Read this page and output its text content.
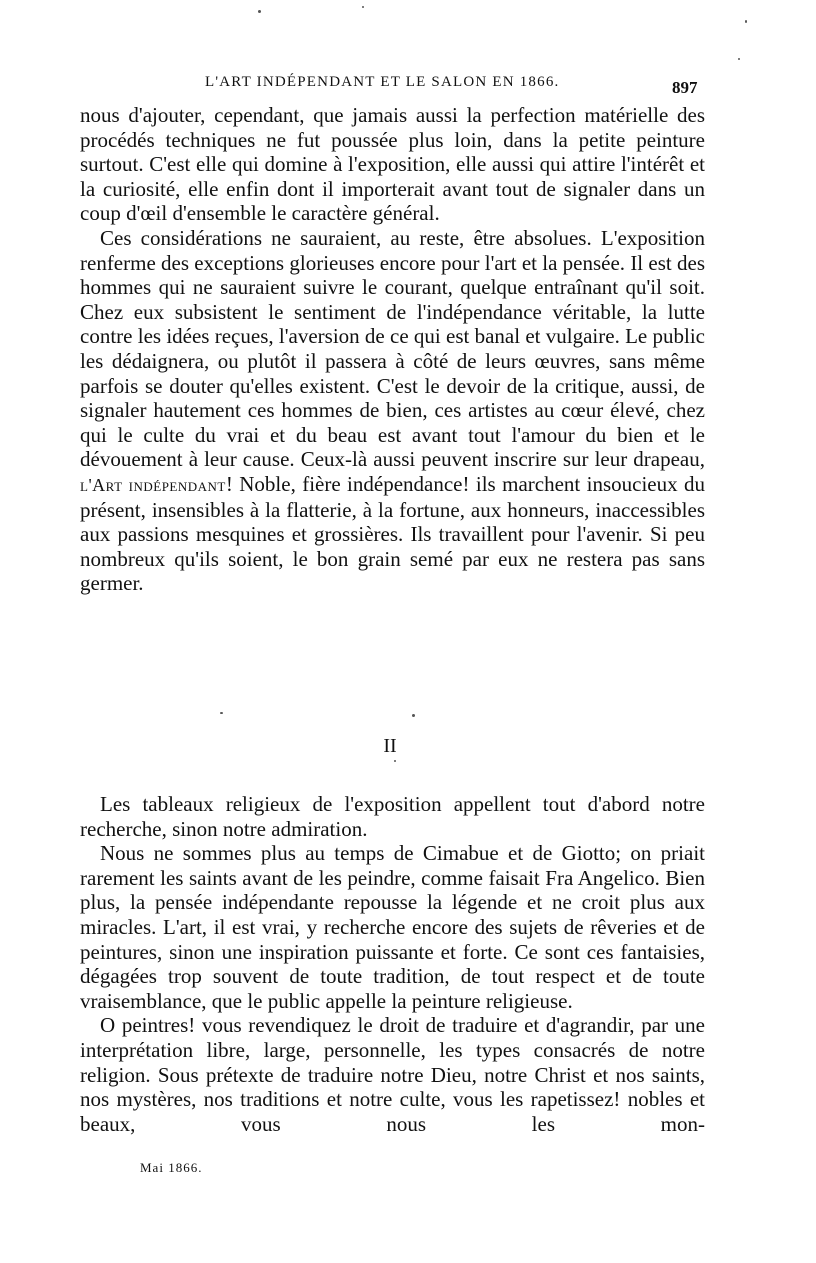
L'ART INDÉPENDANT ET LE SALON EN 1866.	897

nous d'ajouter, cependant, que jamais aussi la perfection matérielle des procédés techniques ne fut poussée plus loin, dans la petite peinture surtout. C'est elle qui domine à l'exposition, elle aussi qui attire l'intérêt et la curiosité, elle enfin dont il importerait avant tout de signaler dans un coup d'œil d'ensemble le caractère général.

Ces considérations ne sauraient, au reste, être absolues. L'exposition renferme des exceptions glorieuses encore pour l'art et la pensée. Il est des hommes qui ne sauraient suivre le courant, quelque entraînant qu'il soit. Chez eux subsistent le sentiment de l'indépendance véritable, la lutte contre les idées reçues, l'aversion de ce qui est banal et vulgaire. Le public les dédaignera, ou plutôt il passera à côté de leurs œuvres, sans même parfois se douter qu'elles existent. C'est le devoir de la critique, aussi, de signaler hautement ces hommes de bien, ces artistes au cœur élevé, chez qui le culte du vrai et du beau est avant tout l'amour du bien et le dévouement à leur cause. Ceux-là aussi peuvent inscrire sur leur drapeau, l'Art indépendant! Noble, fière indépendance! ils marchent insoucieux du présent, insensibles à la flatterie, à la fortune, aux honneurs, inaccessibles aux passions mesquines et grossières. Ils travaillent pour l'avenir. Si peu nombreux qu'ils soient, le bon grain semé par eux ne restera pas sans germer.

II

Les tableaux religieux de l'exposition appellent tout d'abord notre recherche, sinon notre admiration.

Nous ne sommes plus au temps de Cimabue et de Giotto; on priait rarement les saints avant de les peindre, comme faisait Fra Angelico. Bien plus, la pensée indépendante repousse la légende et ne croit plus aux miracles. L'art, il est vrai, y recherche encore des sujets de rêveries et de peintures, sinon une inspiration puissante et forte. Ce sont ces fantaisies, dégagées trop souvent de toute tradition, de tout respect et de toute vraisemblance, que le public appelle la peinture religieuse.

O peintres! vous revendiquez le droit de traduire et d'agrandir, par une interprétation libre, large, personnelle, les types consacrés de notre religion. Sous prétexte de traduire notre Dieu, notre Christ et nos saints, nos mystères, nos traditions et notre culte, vous les rapetissez! nobles et beaux, vous nous les mon-

Mai 1866.
